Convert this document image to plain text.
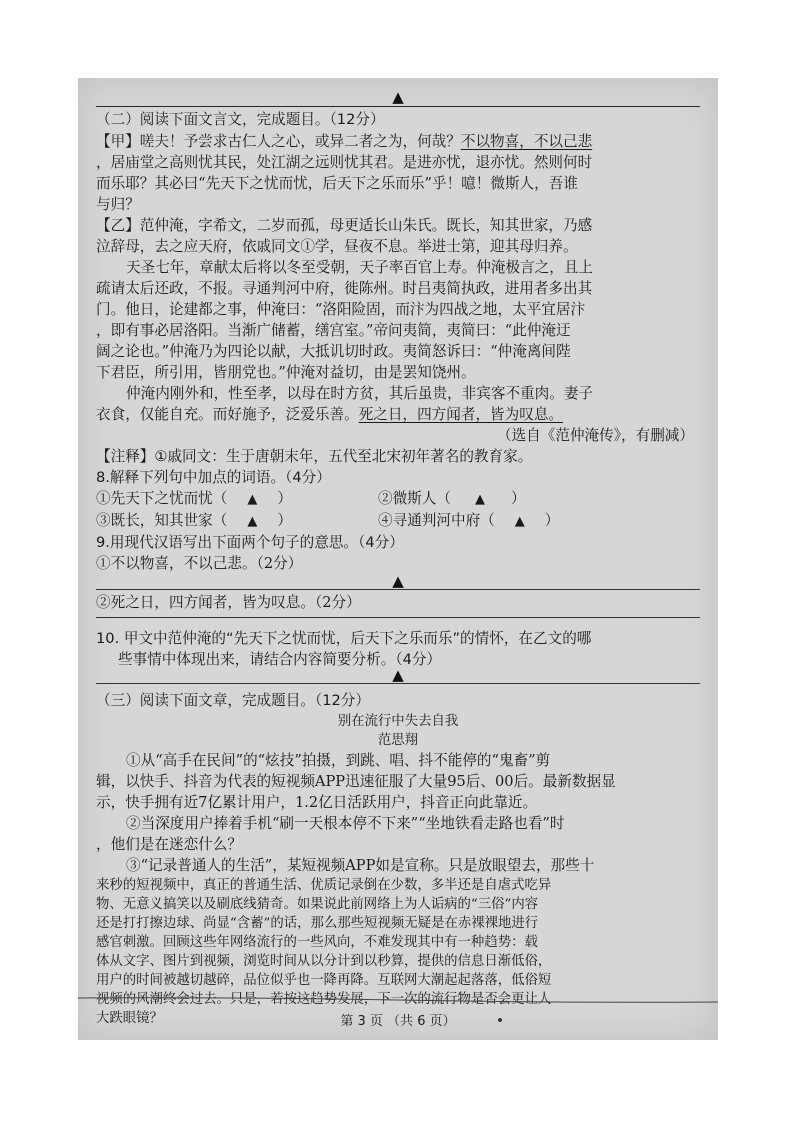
▲
（二）阅读下面文言文，完成题目。（12分）
【甲】嗟夫！予尝求古仁人之心，或异二者之为，何哉？不以物喜，不以己悲
，居庙堂之高则忧其民，处江湖之远则忧其君。是进亦忧，退亦忧。然则何时
而乐耶？其必曰“先天下之忧而忧，后天下之乐而乐”乎！噫！微斯人，吾谁
与归？
【乙】范仲淹，字希文，二岁而孤，母更适长山朱氏。既长，知其世家，乃感
泣辞母，去之应天府，依戚同文①学，昼夜不息。举进士第，迎其母归养。
天圣七年，章献太后将以冬至受朝，天子率百官上寿。仲淹极言之，且上
疏请太后还政，不报。寻通判河中府，徙陈州。时吕夷简执政，进用者多出其
门。他日，论建都之事，仲淹曰：“洛阳险固，而汴为四战之地，太平宜居汴
，即有事必居洛阳。当渐广储蓄，缮宫室。”帝问夷简，夷简曰：“此仲淹迂
阔之论也。”仲淹乃为四论以献，大抵讥切时政。夷简怒诉曰：“仲淹离间陛
下君臣，所引用，皆朋党也。”仲淹对益切，由是罢知饶州。
仲淹内刚外和，性至孝，以母在时方贫，其后虽贵，非宾客不重肉。妻子
衣食，仅能自充。而好施予，泛爱乐善。死之日，四方闻者，皆为叹息。
（选自《范仲淹传》，有删减）
【注释】①戚同文：生于唐朝末年，五代至北宋初年著名的教育家。
8.解释下列句中加点的词语。（4分）
①先天下之忧而忧（ ▲ ）	②微斯人（ ▲ ）
③既长，知其世家（ ▲ ）	④寻通判河中府（ ▲ ）
9.用现代汉语写出下面两个句子的意思。（4分）
①不以物喜，不以己悲。（2分）
▲
②死之日，四方闻者，皆为叹息。（2分）
10. 甲文中范仲淹的“先天下之忧而忧，后天下之乐而乐”的情怀，在乙文的哪
些事情中体现出来，请结合内容简要分析。（4分）
▲
（三）阅读下面文章，完成题目。（12分）
别在流行中失去自我
范思翔
①从“高手在民间”的“炫技”拍摄，到跳、唱、抖不能停的“鬼畜”剪
辑，以快手、抖音为代表的短视频APP迅速征服了大量95后、00后。最新数据显
示，快手拥有近7亿累计用户，1.2亿日活跃用户，抖音正向此靠近。
②当深度用户捧着手机“刷一天根本停不下来”“坐地铁看走路也看”时
，他们是在迷恋什么？
③“记录普通人的生活”，某短视频APP如是宣称。只是放眼望去，那些十
来秒的短视频中，真正的普通生活、优质记录倒在少数，多半还是自虐式吃异
物、无意义搞笑以及刷底线猜奇。如果说此前网络上为人诟病的“三俗”内容
还是打打擦边球、尚显“含蓄”的话，那么那些短视频无疑是在赤裸裸地进行
感官刺激。回顾这些年网络流行的一些风向，不难发现其中有一种趋势：载
体从文字、图片到视频，浏览时间从以分计到以秒算，提供的信息日渐低俗，
用户的时间被越切越碎，品位似乎也一降再降。互联网大潮起起落落，低俗短
视频的风潮终会过去。只是，若按这趋势发展，下一次的流行物是否会更让人
大跌眼镜？	第 3 页 （共 6 页）
